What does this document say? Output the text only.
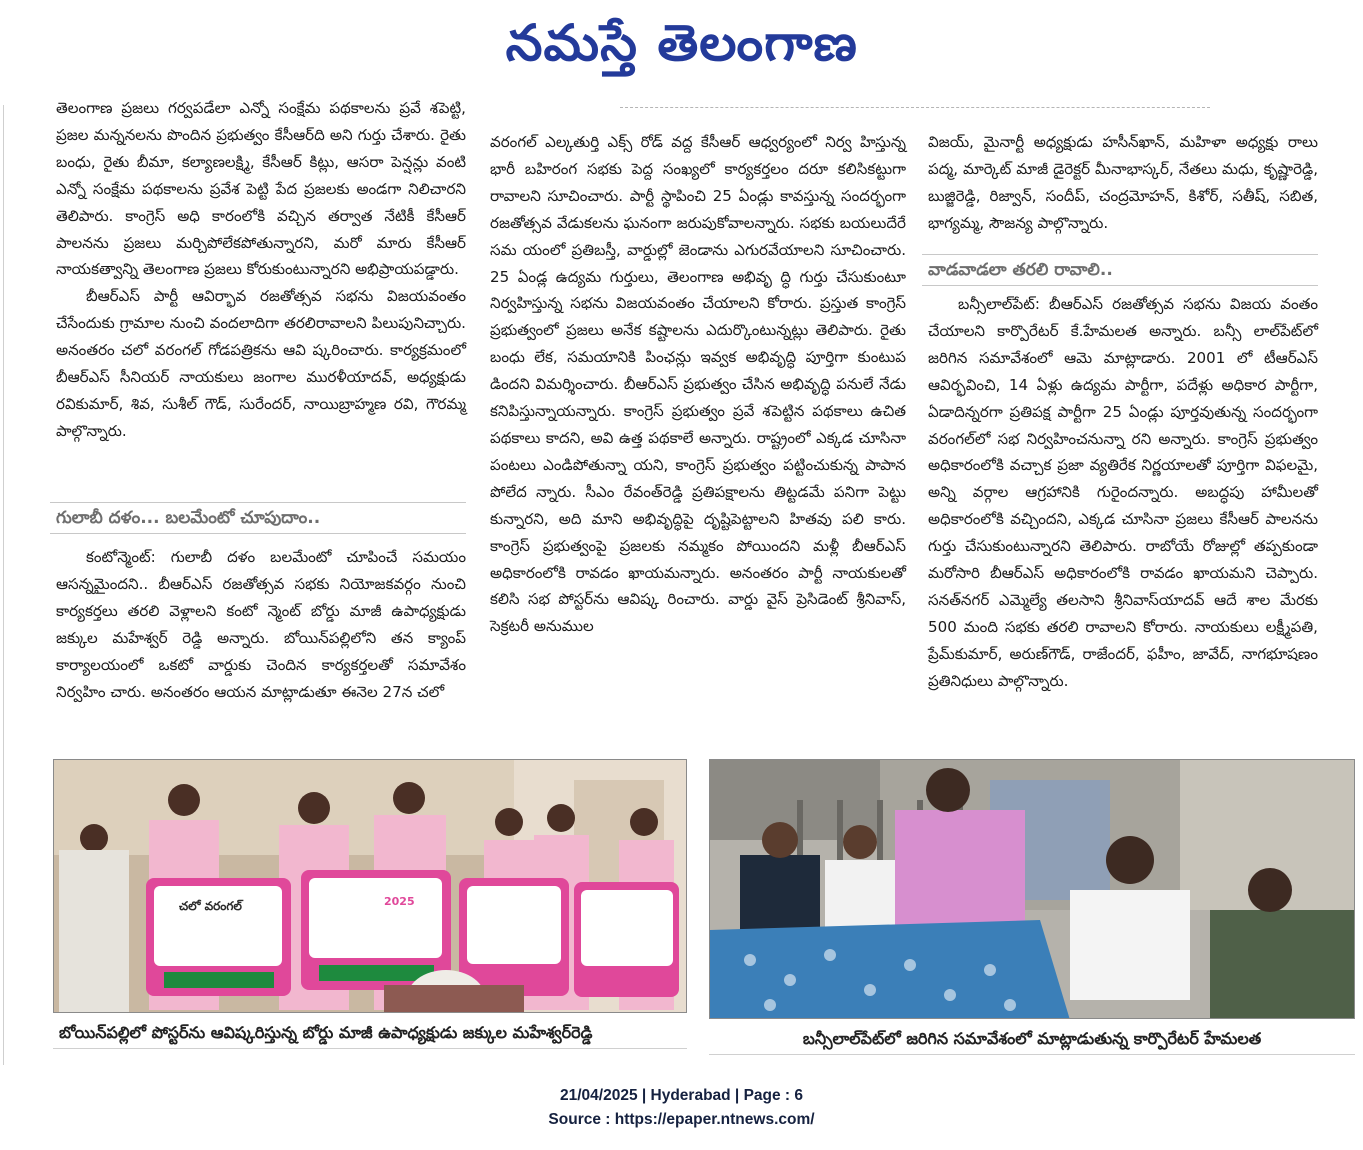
నమస్తే తెలంగాణ

తెలంగాణ ప్రజలు గర్వపడేలా ఎన్నో సంక్షేమ పథకాలను ప్రవే శపెట్టి, ప్రజల మన్ననలను పొందిన ప్రభుత్వం కేసీఆర్‌ది అని గుర్తు చేశారు. రైతు బంధు, రైతు బీమా, కల్యాణలక్ష్మి, కేసీఆర్ కిట్లు, ఆసరా పెన్షన్లు వంటి ఎన్నో సంక్షేమ పథకాలను ప్రవేశ పెట్టి పేద ప్రజలకు అండగా నిలిచారని తెలిపారు. కాంగ్రెస్ అధి కారంలోకి వచ్చిన తర్వాత నేటికీ కేసీఆర్ పాలనను ప్రజలు మర్చిపోలేకపోతున్నారని, మరో మారు కేసీఆర్ నాయకత్వాన్ని తెలంగాణ ప్రజలు కోరుకుంటున్నారని అభిప్రాయపడ్డారు.

బీఆర్‌ఎస్ పార్టీ ఆవిర్భావ రజతోత్సవ సభను విజయవంతం చేసేందుకు గ్రామాల నుంచి వందలాదిగా తరలిరావాలని పిలుపునిచ్చారు. అనంతరం చలో వరంగల్ గోడపత్రికను ఆవి ష్కరించారు. కార్యక్రమంలో బీఆర్‌ఎస్ సీనియర్ నాయకులు జంగాల మురళీయాదవ్, అధ్యక్షుడు రవికుమార్, శివ, సుశీల్ గౌడ్, సురేందర్, నాయిబ్రాహ్మణ రవి, గౌరమ్మ పాల్గొన్నారు.

గులాబీ దళం... బలమేంటో చూపుదాం..

కంటోన్మెంట్: గులాబీ దళం బలమేంటో చూపించే సమయం ఆసన్నమైందని.. బీఆర్‌ఎస్ రజతోత్సవ సభకు నియోజకవర్గం నుంచి కార్యకర్తలు తరలి వెళ్లాలని కంటో న్మెంట్ బోర్డు మాజీ ఉపాధ్యక్షుడు జక్కుల మహేశ్వర్ రెడ్డి అన్నారు. బోయిన్‌పల్లిలోని తన క్యాంప్ కార్యాలయంలో ఒకటో వార్డుకు చెందిన కార్యకర్తలతో సమావేశం నిర్వహిం చారు. అనంతరం ఆయన మాట్లాడుతూ ఈనెల 27న చలో

వరంగల్ ఎల్కతుర్తి ఎక్స్ రోడ్ వద్ద కేసీఆర్ ఆధ్వర్యంలో నిర్వ హిస్తున్న భారీ బహిరంగ సభకు పెద్ద సంఖ్యలో కార్యకర్తలం దరూ కలిసికట్టుగా రావాలని సూచించారు. పార్టీ స్థాపించి 25 ఏండ్లు కావస్తున్న సందర్భంగా రజతోత్సవ వేడుకలను ఘనంగా జరుపుకోవాలన్నారు. సభకు బయలుదేరే సమ యంలో ప్రతిబస్తీ, వార్డుల్లో జెండాను ఎగురవేయాలని సూచించారు. 25 ఏండ్ల ఉద్యమ గుర్తులు, తెలంగాణ అభివృ ద్ధి గుర్తు చేసుకుంటూ నిర్వహిస్తున్న సభను విజయవంతం చేయాలని కోరారు. ప్రస్తుత కాంగ్రెస్ ప్రభుత్వంలో ప్రజలు అనేక కష్టాలను ఎదుర్కొంటున్నట్లు తెలిపారు. రైతు బంధు లేక, సమయానికి పింఛన్లు ఇవ్వక అభివృద్ధి పూర్తిగా కుంటుప డిందని విమర్శించారు. బీఆర్‌ఎస్ ప్రభుత్వం చేసిన అభివృద్ధి పనులే నేడు కనిపిస్తున్నాయన్నారు. కాంగ్రెస్ ప్రభుత్వం ప్రవే శపెట్టిన పథకాలు ఉచిత పథకాలు కాదని, అవి ఉత్త పథకాలే అన్నారు. రాష్ట్రంలో ఎక్కడ చూసినా పంటలు ఎండిపోతున్నా యని, కాంగ్రెస్ ప్రభుత్వం పట్టించుకున్న పాపాన పోలేద న్నారు. సీఎం రేవంత్‌రెడ్డి ప్రతిపక్షాలను తిట్టడమే పనిగా పెట్టు కున్నారని, అది మాని అభివృద్ధిపై దృష్టిపెట్టాలని హితవు పలి కారు. కాంగ్రెస్ ప్రభుత్వంపై ప్రజలకు నమ్మకం పోయిందని మళ్లీ బీఆర్‌ఎస్ అధికారంలోకి రావడం ఖాయమన్నారు. అనంతరం పార్టీ నాయకులతో కలిసి సభ పోస్టర్‌ను ఆవిష్క రించారు. వార్డు వైస్ ప్రెసిడెంట్ శ్రీనివాస్, సెక్రటరీ అనుముల

విజయ్, మైనార్టీ అధ్యక్షుడు హసీన్‌ఖాన్, మహిళా అధ్యక్షు రాలు పద్మ, మార్కెట్ మాజీ డైరెక్టర్ మీనాభాస్కర్, నేతలు మధు, కృష్ణారెడ్డి, బుజ్జిరెడ్డి, రిజ్వాన్, సందీప్, చంద్రమోహన్, కిశోర్, సతీష్, సబిత, భాగ్యమ్మ, సౌజన్య పాల్గొన్నారు.

వాడవాడలా తరలి రావాలి..

బన్సీలాల్‌పేట్: బీఆర్‌ఎస్ రజతోత్సవ సభను విజయ వంతం చేయాలని కార్పొరేటర్ కే.హేమలత అన్నారు. బన్సీ లాల్‌పేట్‌లో జరిగిన సమావేశంలో ఆమె మాట్లాడారు. 2001 లో టీఆర్‌ఎస్ ఆవిర్భవించి, 14 ఏళ్లు ఉద్యమ పార్టీగా, పదేళ్లు అధికార పార్టీగా, ఏడాదిన్నరగా ప్రతిపక్ష పార్టీగా 25 ఏండ్లు పూర్తవుతున్న సందర్భంగా వరంగల్‌లో సభ నిర్వహించనున్నా రని అన్నారు. కాంగ్రెస్ ప్రభుత్వం అధికారంలోకి వచ్చాక ప్రజా వ్యతిరేక నిర్ణయాలతో పూర్తిగా విఫలమై, అన్ని వర్గాల ఆగ్రహానికి గురైందన్నారు. అబద్ధపు హామీలతో అధికారంలోకి వచ్చిందని, ఎక్కడ చూసినా ప్రజలు కేసీఆర్ పాలనను గుర్తు చేసుకుంటున్నారని తెలిపారు. రాబోయే రోజుల్లో తప్పకుండా మరోసారి బీఆర్‌ఎస్ అధికారంలోకి రావడం ఖాయమని చెప్పారు. సనత్‌నగర్ ఎమ్మెల్యే తలసాని శ్రీనివాస్‌యాదవ్ ఆదే శాల మేరకు 500 మంది సభకు తరలి రావాలని కోరారు. నాయకులు లక్ష్మీపతి, ప్రేమ్‌కుమార్, అరుణ్‌గౌడ్, రాజేందర్, ఫహీం, జావేద్, నాగభూషణం ప్రతినిధులు పాల్గొన్నారు.

చలో వరంగల్	2025
బోయిన్‌పల్లిలో పోస్టర్‌ను ఆవిష్కరిస్తున్న బోర్డు మాజీ ఉపాధ్యక్షుడు జక్కుల మహేశ్వర్‌రెడ్డి	బన్సీలాల్‌పేట్‌లో జరిగిన సమావేశంలో మాట్లాడుతున్న కార్పొరేటర్ హేమలత
21/04/2025 | Hyderabad | Page : 6
Source : https://epaper.ntnews.com/
